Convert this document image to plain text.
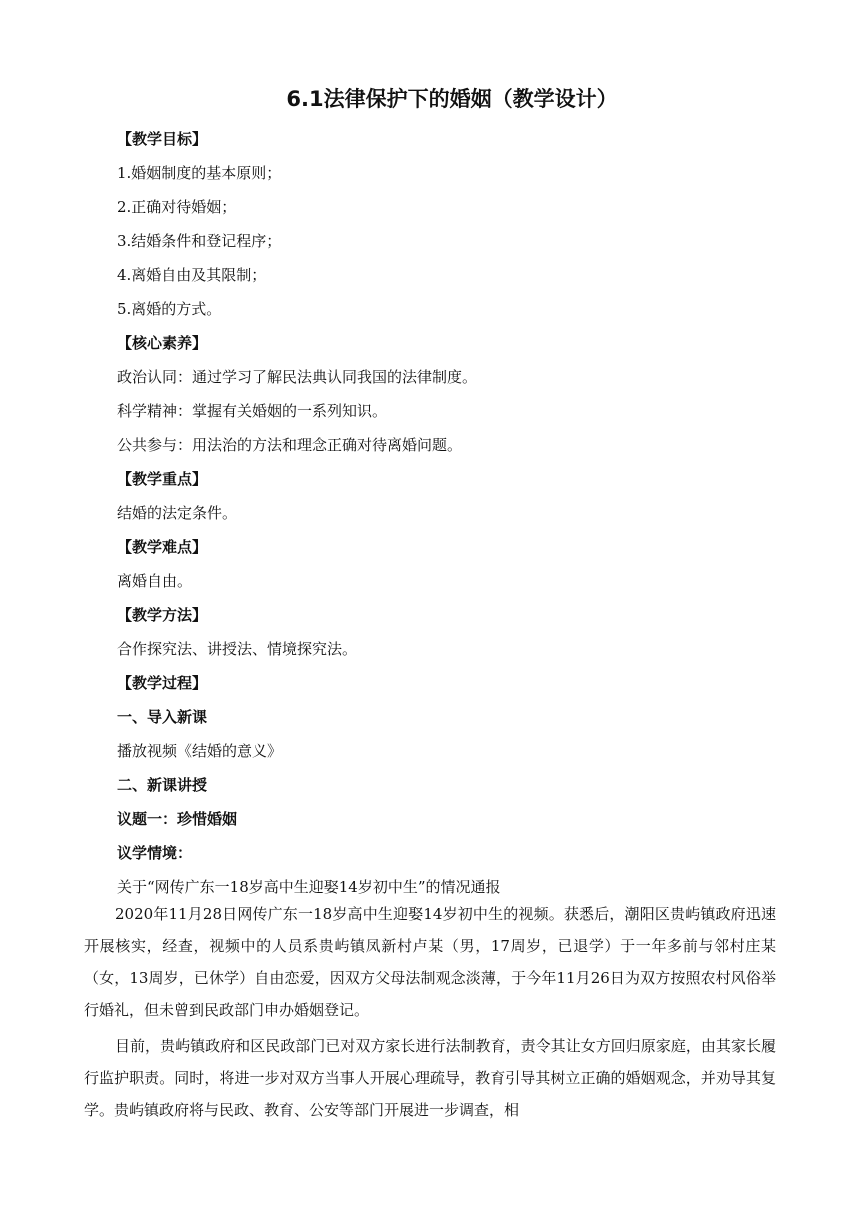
6.1法律保护下的婚姻（教学设计）

【教学目标】

1.婚姻制度的基本原则；

2.正确对待婚姻；

3.结婚条件和登记程序；

4.离婚自由及其限制；

5.离婚的方式。

【核心素养】

政治认同：通过学习了解民法典认同我国的法律制度。

科学精神：掌握有关婚姻的一系列知识。

公共参与：用法治的方法和理念正确对待离婚问题。

【教学重点】

结婚的法定条件。

【教学难点】

离婚自由。

【教学方法】

合作探究法、讲授法、情境探究法。

【教学过程】

一、导入新课

播放视频《结婚的意义》

二、新课讲授

议题一：珍惜婚姻

议学情境：

关于“网传广东一18岁高中生迎娶14岁初中生”的情况通报

2020年11月28日网传广东一18岁高中生迎娶14岁初中生的视频。获悉后，潮阳区贵屿镇政府迅速开展核实，经查，视频中的人员系贵屿镇凤新村卢某（男，17周岁，已退学）于一年多前与邻村庄某（女，13周岁，已休学）自由恋爱，因双方父母法制观念淡薄，于今年11月26日为双方按照农村风俗举行婚礼，但未曾到民政部门申办婚姻登记。

目前，贵屿镇政府和区民政部门已对双方家长进行法制教育，责令其让女方回归原家庭，由其家长履行监护职责。同时，将进一步对双方当事人开展心理疏导，教育引导其树立正确的婚姻观念，并劝导其复学。贵屿镇政府将与民政、教育、公安等部门开展进一步调查，相
